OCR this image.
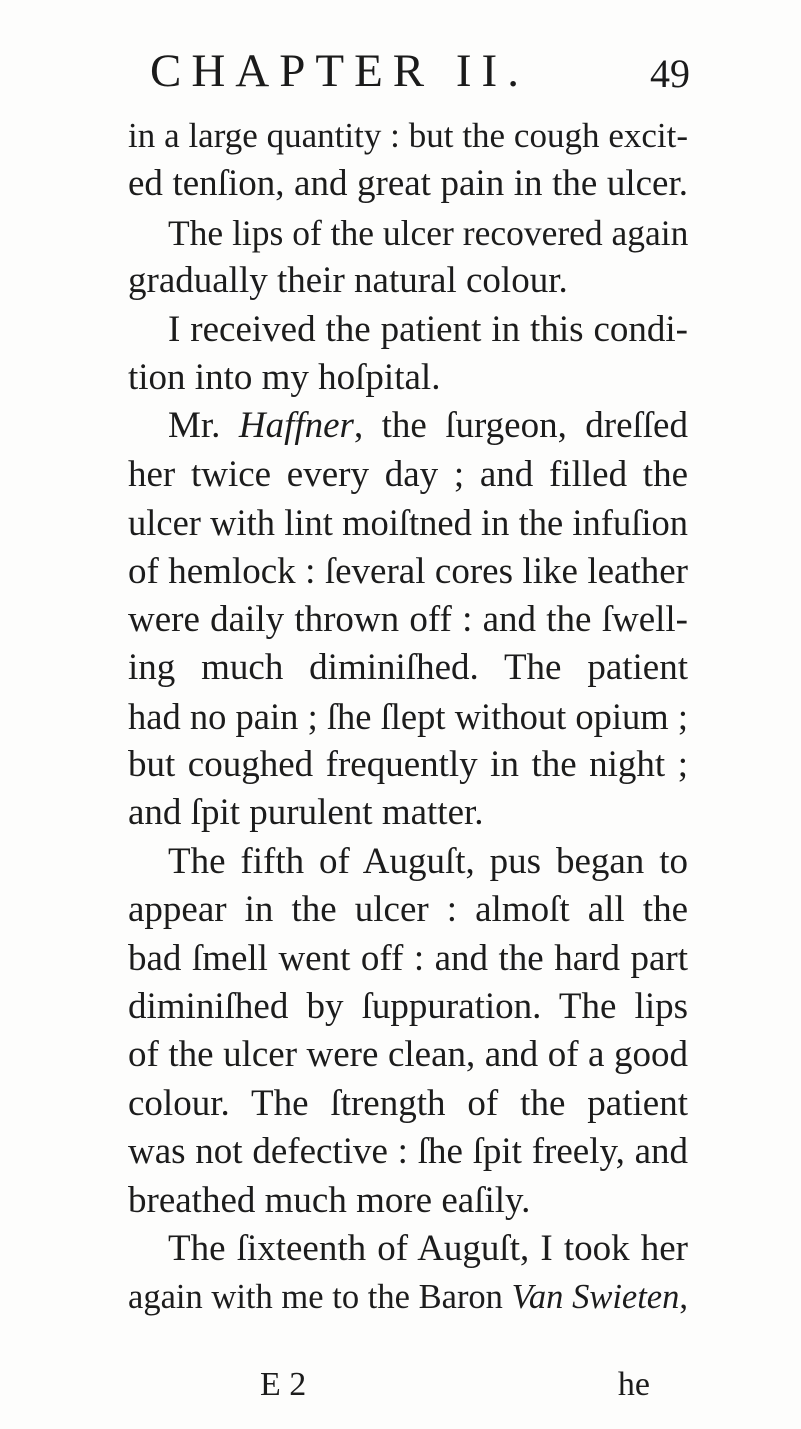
CHAPTER II.	49
in a large quantity : but the cough excit-
ed tenſion, and great pain in the ulcer.
The lips of the ulcer recovered again
gradually their natural colour.
I received the patient in this condi-
tion into my hoſpital.
Mr. Haffner, the ſurgeon, dreſſed
her twice every day ; and filled the
ulcer with lint moiſtned in the infuſion
of hemlock : ſeveral cores like leather
were daily thrown off : and the ſwell-
ing much diminiſhed. The patient
had no pain ; ſhe ſlept without opium ;
but coughed frequently in the night ;
and ſpit purulent matter.
The fifth of Auguſt, pus began to
appear in the ulcer : almoſt all the
bad ſmell went off : and the hard part
diminiſhed by ſuppuration. The lips
of the ulcer were clean, and of a good
colour. The ſtrength of the patient
was not defective : ſhe ſpit freely, and
breathed much more eaſily.
The ſixteenth of Auguſt, I took her
again with me to the Baron Van Swieten,
E 2	he
